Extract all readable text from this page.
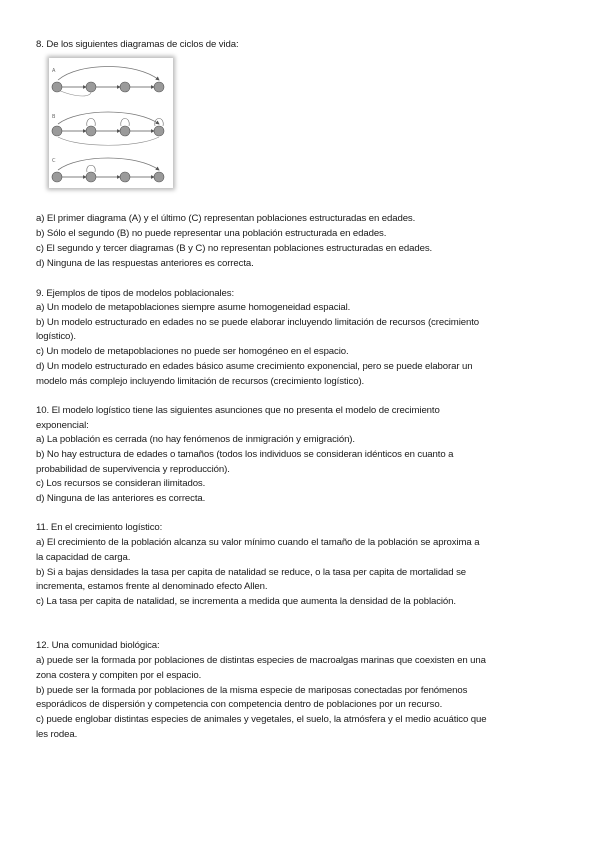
8. De los siguientes diagramas de ciclos de vida:
A
B
C
a) El primer diagrama (A) y el último (C) representan poblaciones estructuradas en edades.
b) Sólo el segundo (B) no puede representar una población estructurada en edades.
c) El segundo y tercer diagramas (B y C) no representan poblaciones estructuradas en edades.
d) Ninguna de las respuestas anteriores es correcta.
9. Ejemplos de tipos de modelos poblacionales:
a) Un modelo de metapoblaciones siempre asume homogeneidad espacial.
b) Un modelo estructurado en edades no se puede elaborar incluyendo limitación de recursos (crecimiento
logístico).
c) Un modelo de metapoblaciones no puede ser homogéneo en el espacio.
d) Un modelo estructurado en edades básico asume crecimiento exponencial, pero se puede elaborar un
modelo más complejo incluyendo limitación de recursos (crecimiento logístico).
10. El modelo logístico tiene las siguientes asunciones que no presenta el modelo de crecimiento
exponencial:
a) La población es cerrada (no hay fenómenos de inmigración y emigración).
b) No hay estructura de edades o tamaños (todos los individuos se consideran idénticos en cuanto a
probabilidad de supervivencia y reproducción).
c) Los recursos se consideran ilimitados.
d) Ninguna de las anteriores es correcta.
11. En el crecimiento logístico:
a) El crecimiento de la población alcanza su valor mínimo cuando el tamaño de la población se aproxima a
la capacidad de carga.
b) Si a bajas densidades la tasa per capita de natalidad se reduce, o la tasa per capita de mortalidad se
incrementa, estamos frente al denominado efecto Allen.
c) La tasa per capita de natalidad, se incrementa a medida que aumenta la densidad de la población.
12. Una comunidad biológica:
a) puede ser la formada por poblaciones de distintas especies de macroalgas marinas que coexisten en una
zona costera y compiten por el espacio.
b) puede ser la formada por poblaciones de la misma especie de mariposas conectadas por fenómenos
esporádicos de dispersión y competencia con competencia dentro de poblaciones por un recurso.
c) puede englobar distintas especies de animales y vegetales, el suelo, la atmósfera y el medio acuático que
les rodea.
